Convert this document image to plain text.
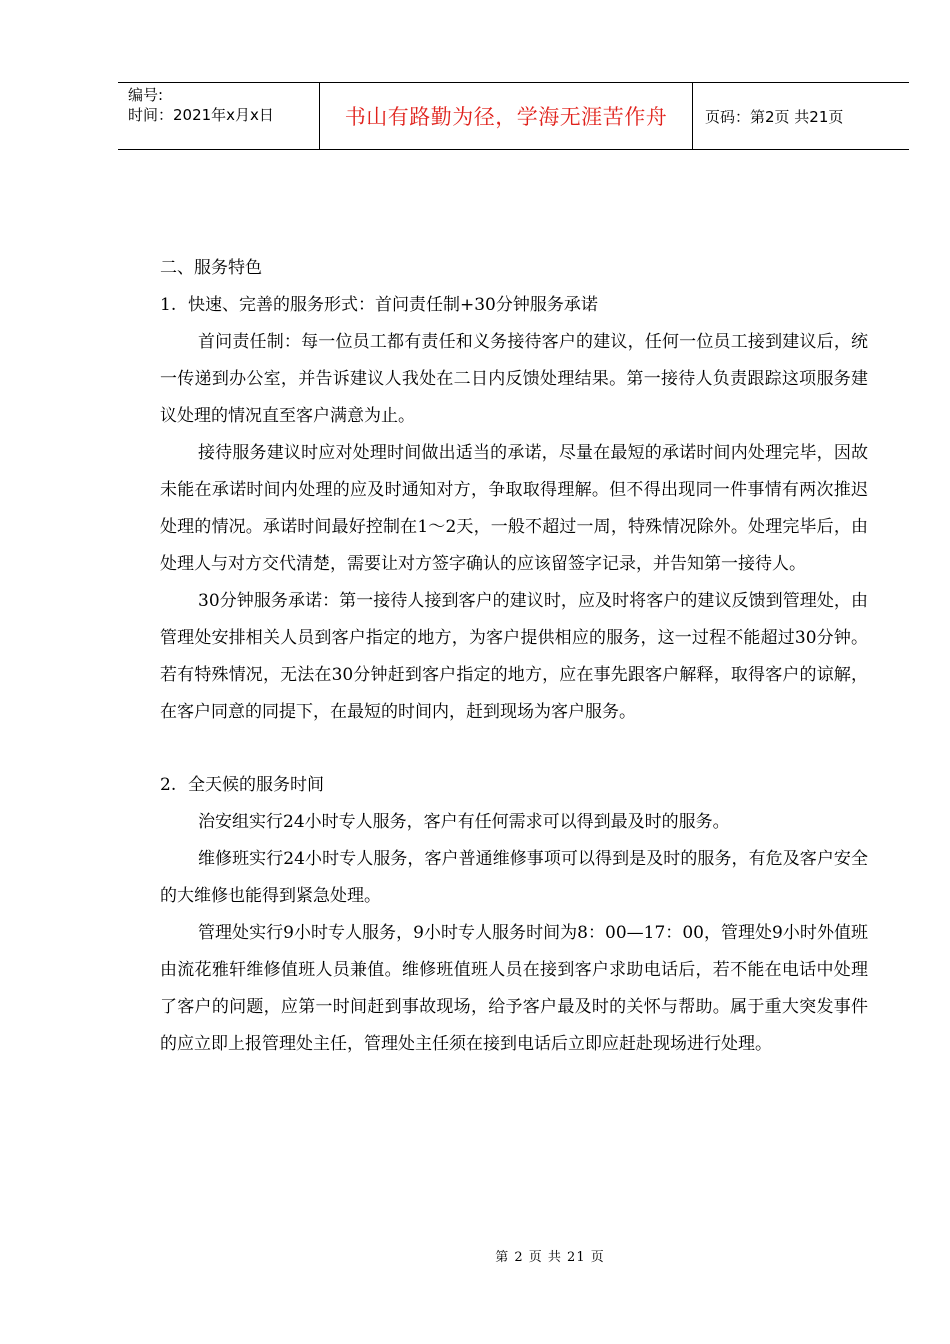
编号:
时间：2021年x月x日	书山有路勤为径，学海无涯苦作舟	页码：第2页 共21页

二、服务特色

1. 快速、完善的服务形式：首问责任制+30分钟服务承诺

首问责任制：每一位员工都有责任和义务接待客户的建议，任何一位员工接到建议后，统一传递到办公室，并告诉建议人我处在二日内反馈处理结果。第一接待人负责跟踪这项服务建议处理的情况直至客户满意为止。

接待服务建议时应对处理时间做出适当的承诺，尽量在最短的承诺时间内处理完毕，因故未能在承诺时间内处理的应及时通知对方，争取取得理解。但不得出现同一件事情有两次推迟处理的情况。承诺时间最好控制在1～2天，一般不超过一周，特殊情况除外。处理完毕后，由处理人与对方交代清楚，需要让对方签字确认的应该留签字记录，并告知第一接待人。

30分钟服务承诺：第一接待人接到客户的建议时，应及时将客户的建议反馈到管理处，由管理处安排相关人员到客户指定的地方，为客户提供相应的服务，这一过程不能超过30分钟。若有特殊情况，无法在30分钟赶到客户指定的地方，应在事先跟客户解释，取得客户的谅解，在客户同意的同提下，在最短的时间内，赶到现场为客户服务。

2. 全天候的服务时间

治安组实行24小时专人服务，客户有任何需求可以得到最及时的服务。

维修班实行24小时专人服务，客户普通维修事项可以得到是及时的服务，有危及客户安全的大维修也能得到紧急处理。

管理处实行9小时专人服务，9小时专人服务时间为8：00—17：00，管理处9小时外值班由流花雅轩维修值班人员兼值。维修班值班人员在接到客户求助电话后，若不能在电话中处理了客户的问题，应第一时间赶到事故现场，给予客户最及时的关怀与帮助。属于重大突发事件的应立即上报管理处主任，管理处主任须在接到电话后立即应赶赴现场进行处理。

第 2 页 共 21 页
